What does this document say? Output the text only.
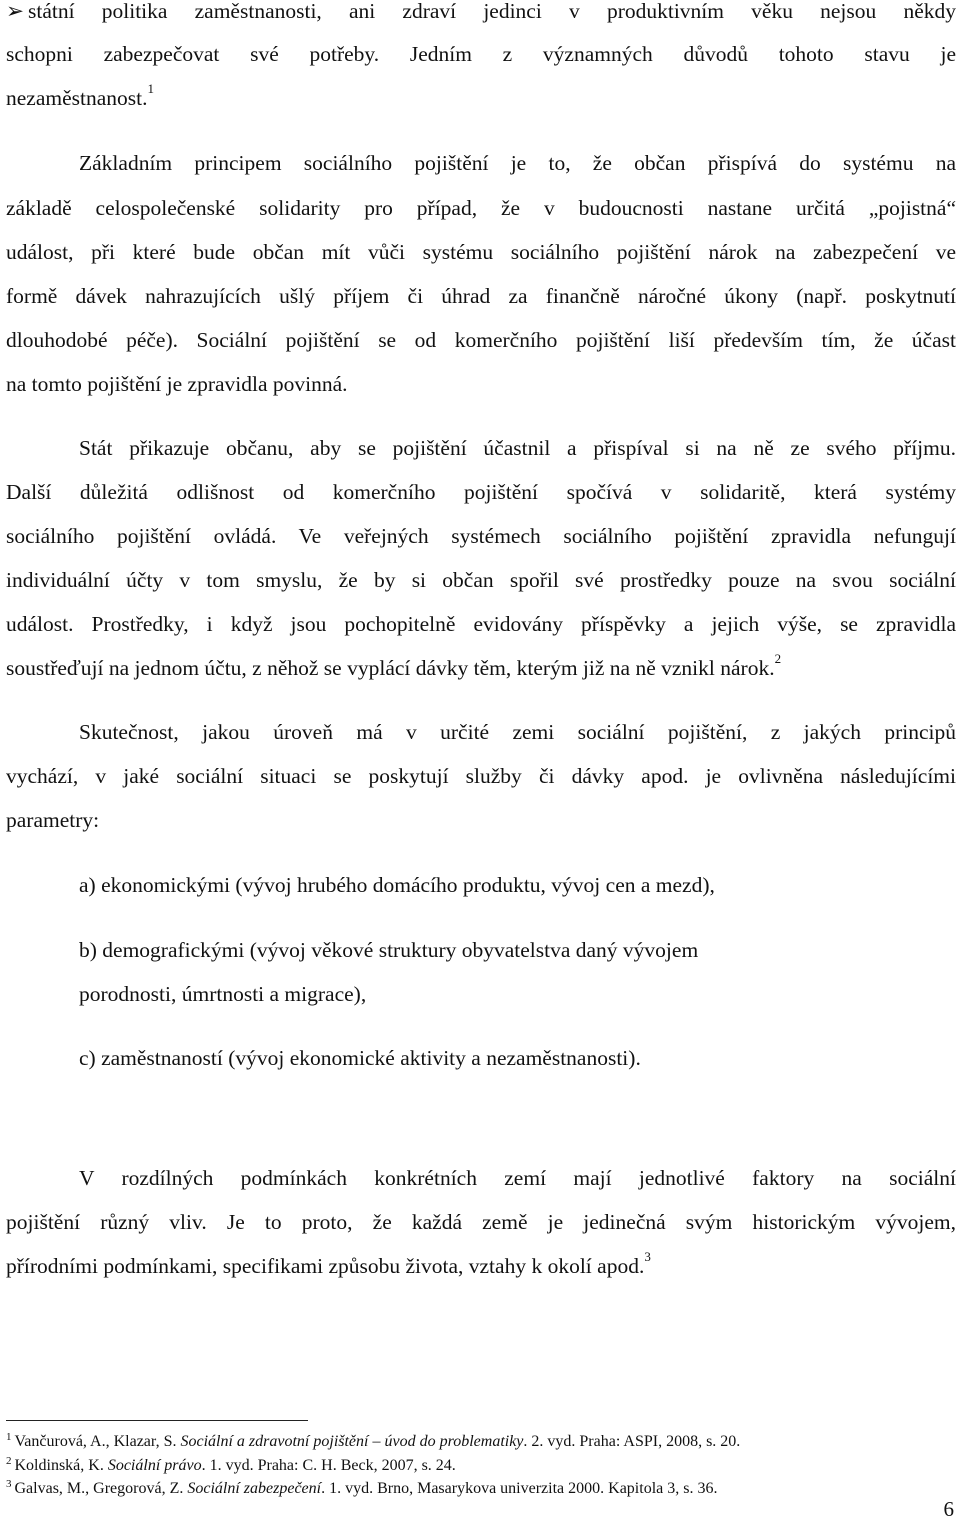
➢ státní politika zaměstnanosti, ani zdraví jedinci v produktivním věku nejsou někdy
schopni zabezpečovat své potřeby. Jedním z významných důvodů tohoto stavu je
nezaměstnanost.$^1$
Základním principem sociálního pojištění je to, že občan přispívá do systému na
základě celospolečenské solidarity pro případ, že v budoucnosti nastane určitá „pojistná“
událost, při které bude občan mít vůči systému sociálního pojištění nárok na zabezpečení ve
formě dávek nahrazujících ušlý příjem či úhrad za finančně náročné úkony (např. poskytnutí
dlouhodobé péče). Sociální pojištění se od komerčního pojištění liší především tím, že účast
na tomto pojištění je zpravidla povinná.
Stát přikazuje občanu, aby se pojištění účastnil a přispíval si na ně ze svého příjmu.
Další důležitá odlišnost od komerčního pojištění spočívá v solidaritě, která systémy
sociálního pojištění ovládá. Ve veřejných systémech sociálního pojištění zpravidla nefungují
individuální účty v tom smyslu, že by si občan spořil své prostředky pouze na svou sociální
událost. Prostředky, i když jsou pochopitelně evidovány příspěvky a jejich výše, se zpravidla
soustřeďují na jednom účtu, z něhož se vyplácí dávky těm, kterým již na ně vznikl nárok.$^2$
Skutečnost, jakou úroveň má v určité zemi sociální pojištění, z jakých principů
vychází, v jaké sociální situaci se poskytují služby či dávky apod. je ovlivněna následujícími
parametry:
a) ekonomickými (vývoj hrubého domácího produktu, vývoj cen a mezd),
b) demografickými (vývoj věkové struktury obyvatelstva daný vývojem
porodnosti, úmrtnosti a migrace),
c) zaměstnaností (vývoj ekonomické aktivity a nezaměstnanosti).
V rozdílných podmínkách konkrétních zemí mají jednotlivé faktory na sociální
pojištění různý vliv. Je to proto, že každá země je jedinečná svým historickým vývojem,
přírodními podmínkami, specifikami způsobu života, vztahy k okolí apod.$^3$
$^1$ Vančurová, A., Klazar, S. Sociální a zdravotní pojištění – úvod do problematiky. 2. vyd. Praha: ASPI, 2008, s. 20.
$^2$ Koldinská, K. Sociální právo. 1. vyd. Praha: C. H. Beck, 2007, s. 24.
$^3$ Galvas, M., Gregorová, Z. Sociální zabezpečení. 1. vyd. Brno, Masarykova univerzita 2000. Kapitola 3, s. 36.
6
